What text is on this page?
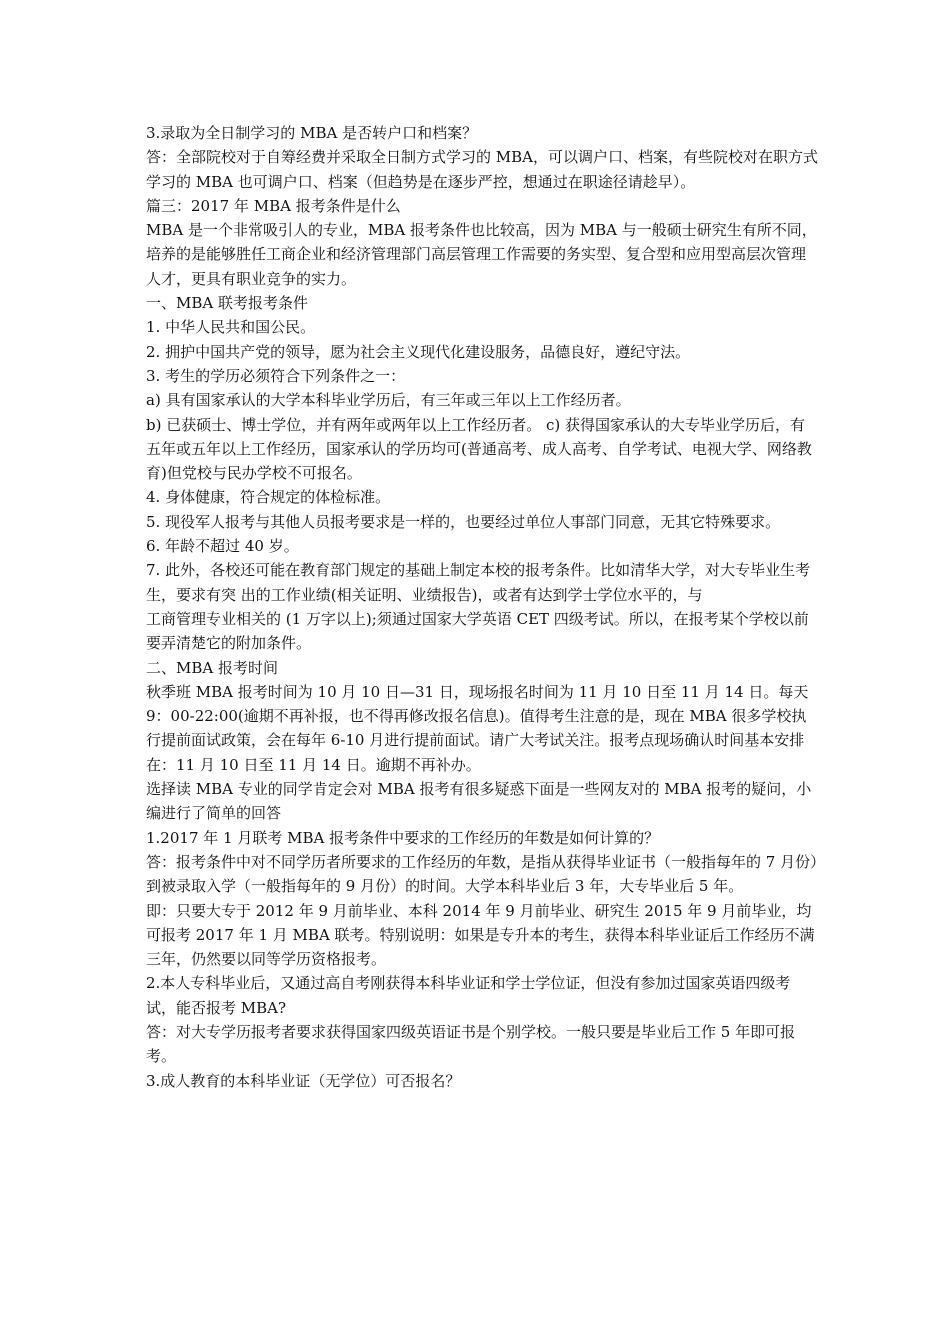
3.录取为全日制学习的 MBA 是否转户口和档案？

答：全部院校对于自筹经费并采取全日制方式学习的 MBA，可以调户口、档案，有些院校对在职方式学习的 MBA 也可调户口、档案（但趋势是在逐步严控，想通过在职途径请趁早）。

篇三：2017 年 MBA 报考条件是什么

MBA 是一个非常吸引人的专业，MBA 报考条件也比较高，因为 MBA 与一般硕士研究生有所不同，培养的是能够胜任工商企业和经济管理部门高层管理工作需要的务实型、复合型和应用型高层次管理人才，更具有职业竞争的实力。

一、MBA 联考报考条件

1. 中华人民共和国公民。

2. 拥护中国共产党的领导，愿为社会主义现代化建设服务，品德良好，遵纪守法。

3. 考生的学历必须符合下列条件之一：

a) 具有国家承认的大学本科毕业学历后，有三年或三年以上工作经历者。

b) 已获硕士、博士学位，并有两年或两年以上工作经历者。 c) 获得国家承认的大专毕业学历后，有五年或五年以上工作经历，国家承认的学历均可(普通高考、成人高考、自学考试、电视大学、网络教育)但党校与民办学校不可报名。

4. 身体健康，符合规定的体检标准。

5. 现役军人报考与其他人员报考要求是一样的，也要经过单位人事部门同意，无其它特殊要求。

6. 年龄不超过 40 岁。

7. 此外，各校还可能在教育部门规定的基础上制定本校的报考条件。比如清华大学，对大专毕业生考生，要求有突 出的工作业绩(相关证明、业绩报告)，或者有达到学士学位水平的，与

工商管理专业相关的 (1 万字以上);须通过国家大学英语 CET 四级考试。所以，在报考某个学校以前要弄清楚它的附加条件。

二、MBA 报考时间

秋季班 MBA 报考时间为 10 月 10 日—31 日，现场报名时间为 11 月 10 日至 11 月 14 日。每天 9：00-22:00(逾期不再补报，也不得再修改报名信息)。值得考生注意的是，现在 MBA 很多学校执行提前面试政策，会在每年 6-10 月进行提前面试。请广大考试关注。报考点现场确认时间基本安排在：11 月 10 日至 11 月 14 日。逾期不再补办。

选择读 MBA 专业的同学肯定会对 MBA 报考有很多疑惑下面是一些网友对的 MBA 报考的疑问，小编进行了简单的回答

1.2017 年 1 月联考 MBA 报考条件中要求的工作经历的年数是如何计算的？

答：报考条件中对不同学历者所要求的工作经历的年数，是指从获得毕业证书（一般指每年的 7 月份）到被录取入学（一般指每年的 9 月份）的时间。大学本科毕业后 3 年，大专毕业后 5 年。

即：只要大专于 2012 年 9 月前毕业、本科 2014 年 9 月前毕业、研究生 2015 年 9 月前毕业，均可报考 2017 年 1 月 MBA 联考。特别说明：如果是专升本的考生，获得本科毕业证后工作经历不满三年，仍然要以同等学历资格报考。

2.本人专科毕业后，又通过高自考刚获得本科毕业证和学士学位证，但没有参加过国家英语四级考试，能否报考 MBA?

答：对大专学历报考者要求获得国家四级英语证书是个别学校。一般只要是毕业后工作 5 年即可报考。

3.成人教育的本科毕业证（无学位）可否报名？
